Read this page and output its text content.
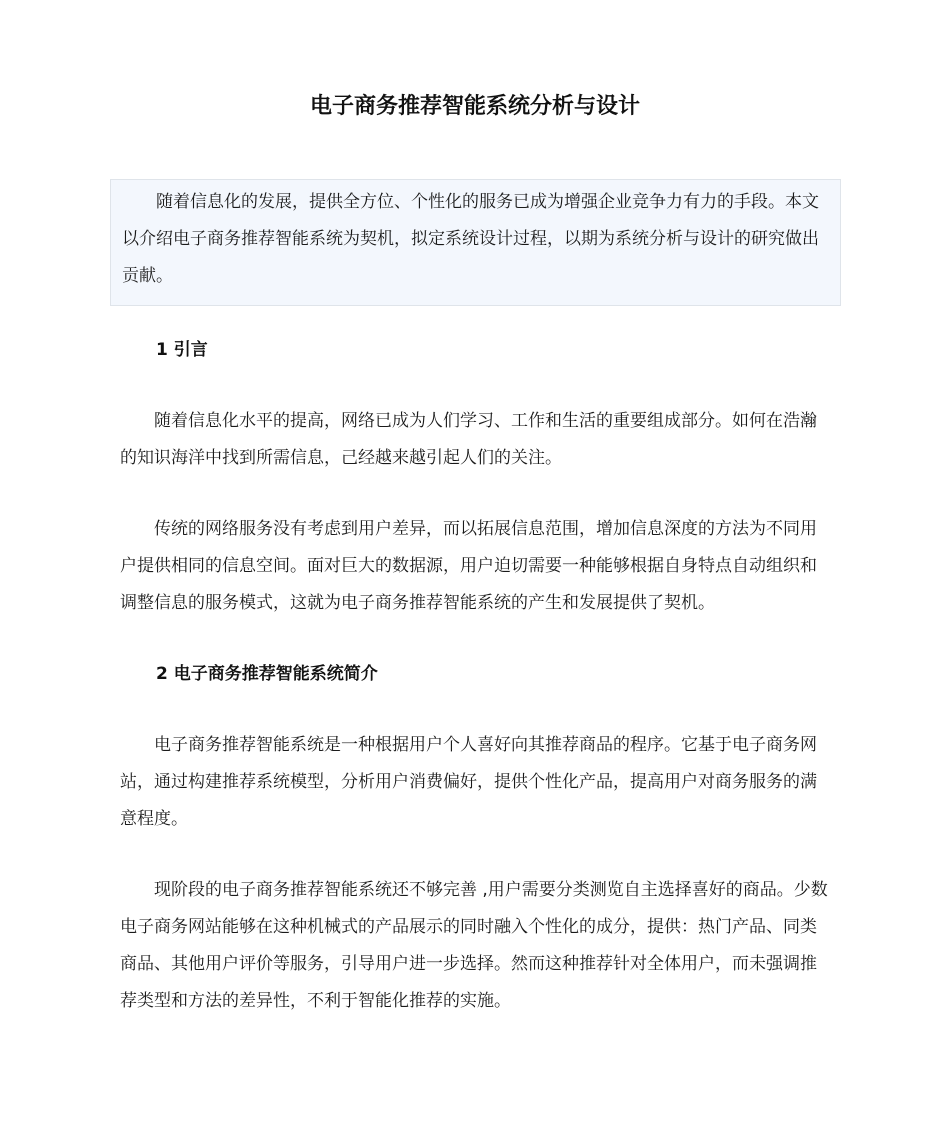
电子商务推荐智能系统分析与设计

随着信息化的发展，提供全方位、个性化的服务已成为增强企业竞争力有力的手段。本文以介绍电子商务推荐智能系统为契机，拟定系统设计过程，以期为系统分析与设计的研究做出贡献。

1 引言

随着信息化水平的提高，网络已成为人们学习、工作和生活的重要组成部分。如何在浩瀚的知识海洋中找到所需信息，己经越来越引起人们的关注。

传统的网络服务没有考虑到用户差异，而以拓展信息范围，增加信息深度的方法为不同用户提供相同的信息空间。面对巨大的数据源，用户迫切需要一种能够根据自身特点自动组织和调整信息的服务模式，这就为电子商务推荐智能系统的产生和发展提供了契机。

2 电子商务推荐智能系统简介

电子商务推荐智能系统是一种根据用户个人喜好向其推荐商品的程序。它基于电子商务网站，通过构建推荐系统模型，分析用户消费偏好，提供个性化产品，提高用户对商务服务的满意程度。

现阶段的电子商务推荐智能系统还不够完善 ,用户需要分类测览自主选择喜好的商品。少数电子商务网站能够在这种机械式的产品展示的同时融入个性化的成分，提供：热门产品、同类商品、其他用户评价等服务，引导用户进一步选择。然而这种推荐针对全体用户，而未强调推荐类型和方法的差异性，不利于智能化推荐的实施。
